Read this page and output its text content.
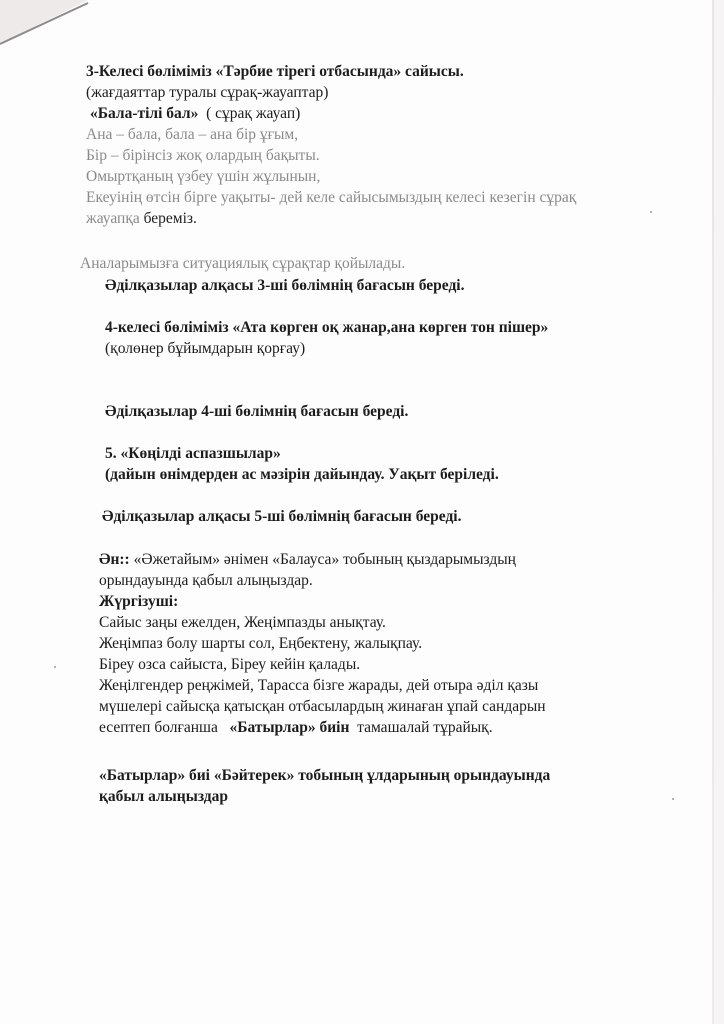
3-Келесі бөліміміз «Тәрбие тірегі отбасында» сайысы.
(жағдаяттар туралы сұрақ-жауаптар)
«Бала-тілі бал» ( сұрақ жауап)
Ана – бала, бала – ана бір ұғым,
Бір – бірінсіз жоқ олардың бақыты.
Омыртқаның үзбеу үшін жұлынын,
Екеуінің өтсін бірге уақыты- дей келе сайысымыздың келесі кезегін сұрақ
жауапқа береміз.
Аналарымызға ситуациялық сұрақтар қойылады.
Әділқазылар алқасы 3-ші бөлімнің бағасын береді.
4-келесі бөліміміз «Ата көрген оқ жанар,ана көрген тон пішер»
(қолөнер бұйымдарын қорғау)
Әділқазылар 4-ші бөлімнің бағасын береді.
5. «Көңілді аспазшылар»
(дайын өнімдерден ас мәзірін дайындау. Уақыт беріледі.
Әділқазылар алқасы 5-ші бөлімнің бағасын береді.
Ән:: «Әжетайым» әнімен «Балауса» тобының қыздарымыздың
орындауында қабыл алыңыздар.
Жүргізуші:
Сайыс заңы ежелден, Жеңімпазды анықтау.
Жеңімпаз болу шарты сол, Еңбектену, жалықпау.
Біреу озса сайыста, Біреу кейін қалады.
Жеңілгендер реңжімей, Тарасса бізге жарады, дей отыра әділ қазы
мүшелері сайысқа қатысқан отбасылардың жинаған ұпай сандарын
есептеп болғанша «Батырлар» биін тамашалай тұрайық.
«Батырлар» биі «Бәйтерек» тобының ұлдарының орындауында
қабыл алыңыздар
